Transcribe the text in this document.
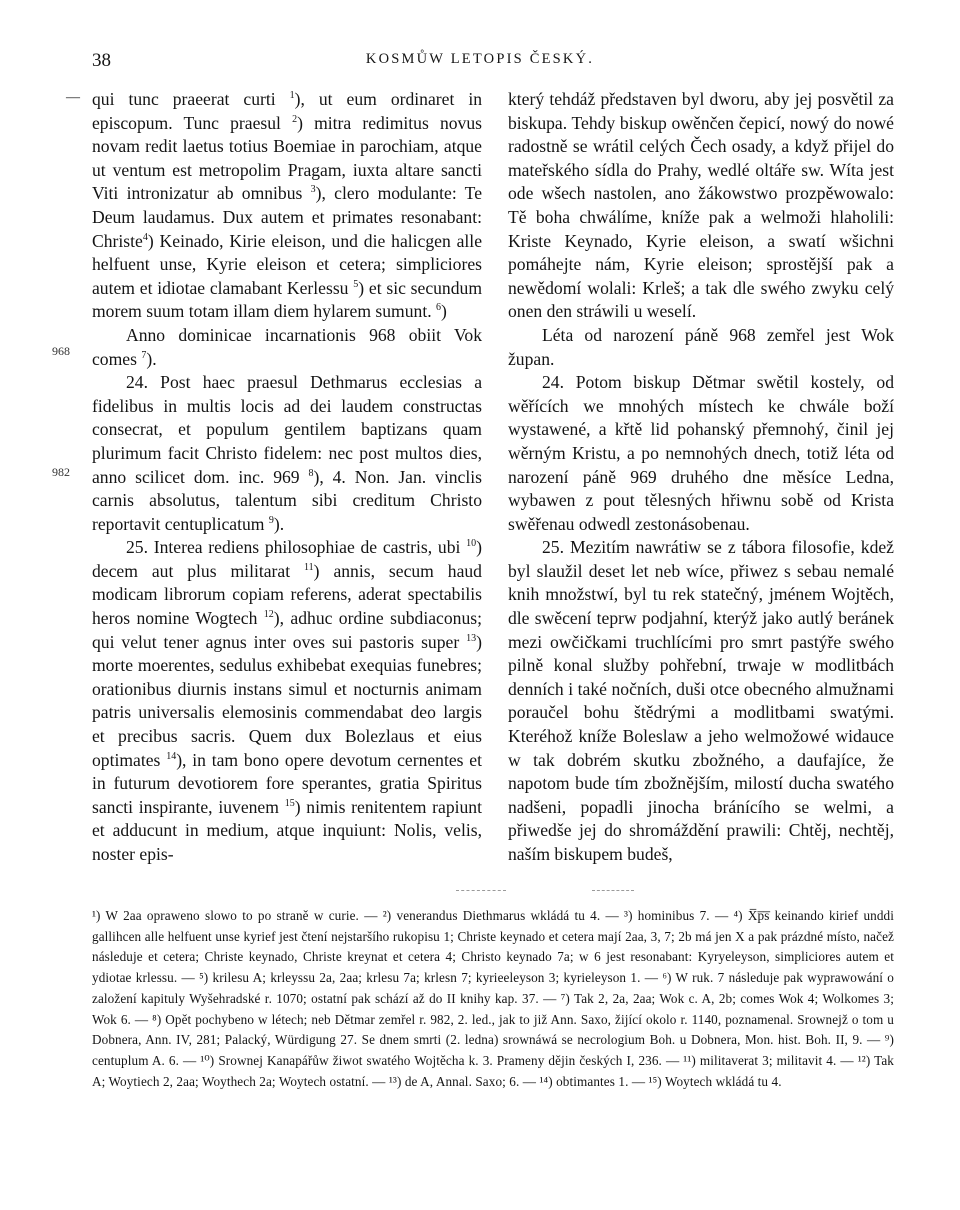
38	KOSMŮW LETOPIS ČESKÝ.
—
968
982

qui tunc praeerat curti $^1$), ut eum ordinaret in episcopum. Tunc praesul $^2$) mitra redimitus novus novam redit laetus totius Boemiae in parochiam, atque ut ventum est metropolim Pragam, iuxta altare sancti Viti intronizatur ab omnibus $^3$), clero modulante: Te Deum laudamus. Dux autem et primates resonabant: Christe$^4$) Keinado, Kirie eleison, und die halicgen alle helfuent unse, Kyrie eleison et cetera; simpliciores autem et idiotae clamabant Kerlessu $^5$) et sic secundum morem suum totam illam diem hylarem sumunt. $^6$)

Anno dominicae incarnationis 968 obiit Vok comes $^7$).

24. Post haec praesul Dethmarus ecclesias a fidelibus in multis locis ad dei laudem constructas consecrat, et populum gentilem baptizans quam plurimum facit Christo fidelem: nec post multos dies, anno scilicet dom. inc. 969 $^8$), 4. Non. Jan. vinclis carnis absolutus, talentum sibi creditum Christo reportavit centuplicatum $^9$).

25. Interea rediens philosophiae de castris, ubi $^{10}$) decem aut plus militarat $^{11}$) annis, secum haud modicam librorum copiam referens, aderat spectabilis heros nomine Wogtech $^{12}$), adhuc ordine subdiaconus; qui velut tener agnus inter oves sui pastoris super $^{13}$) morte moerentes, sedulus exhibebat exequias funebres; orationibus diurnis instans simul et nocturnis animam patris universalis elemosinis commendabat deo largis et precibus sacris. Quem dux Bolezlaus et eius optimates $^{14}$), in tam bono opere devotum cernentes et in futurum devotiorem fore sperantes, gratia Spiritus sancti inspirante, iuvenem $^{15}$) nimis renitentem rapiunt et adducunt in medium, atque inquiunt: Nolis, velis, noster epis-

který tehdáž představen byl dworu, aby jej posvětil za biskupa. Tehdy biskup owěnčen čepicí, nowý do nowé radostně se wrátil celých Čech osady, a když přijel do mateřského sídla do Prahy, wedlé oltáře sw. Wíta jest ode wšech nastolen, ano žákowstwo prozpěwowalo: Tě boha chwálíme, kníže pak a welmoži hlaholili: Kriste Keynado, Kyrie eleison, a swatí wšichni pomáhejte nám, Kyrie eleison; sprostější pak a newědomí wolali: Krleš; a tak dle swého zwyku celý onen den stráwili u weselí.

Léta od narození páně 968 zemřel jest Wok župan.

24. Potom biskup Dětmar swětil kostely, od wěřících we mnohých místech ke chwále boží wystawené, a křtě lid pohanský přemnohý, činil jej wěrným Kristu, a po nemnohých dnech, totiž léta od narození páně 969 druhého dne měsíce Ledna, wybawen z pout tělesných hřiwnu sobě od Krista swěřenau odwedl zestonásobenau.

25. Mezitím nawrátiw se z tábora filosofie, kdež byl slaužil deset let neb wíce, přiwez s sebau nemalé knih množstwí, byl tu rek statečný, jménem Wojtěch, dle swěcení teprw podjahní, kterýž jako autlý beránek mezi owčičkami truchlícími pro smrt pastýře swého pilně konal služby pohřební, trwaje w modlitbách denních i také nočních, duši otce obecného almužnami poraučel bohu štědrými a modlitbami swatými. Kteréhož kníže Boleslaw a jeho welmožowé widauce w tak dobrém skutku zbožného, a daufajíce, že napotom bude tím zbožnějším, milostí ducha swatého nadšeni, popadli jinocha bránícího se welmi, a přiwedše jej do shromáždění prawili: Chtěj, nechtěj, naším biskupem budeš,

¹) W 2aa opraweno slowo to po straně w curie. — ²) venerandus Diethmarus wkládá tu 4. — ³) hominibus 7. — ⁴) X̅p̅s̅ keinando kirief unddi gallihcen alle helfuent unse kyrief jest čtení nejstaršího rukopisu 1; Christe keynado et cetera mají 2aa, 3, 7; 2b má jen X a pak prázdné místo, načež následuje et cetera; Christe keynado, Christe kreynat et cetera 4; Christo keynado 7a; w 6 jest resonabant: Kyryeleyson, simpliciores autem et ydiotae krlessu. — ⁵) krilesu A; krleyssu 2a, 2aa; krlesu 7a; krlesn 7; kyrieeleyson 3; kyrieleyson 1. — ⁶) W ruk. 7 následuje pak wyprawowání o založení kapituly Wyšehradské r. 1070; ostatní pak schází až do II knihy kap. 37. — ⁷) Tak 2, 2a, 2aa; Wok c. A, 2b; comes Wok 4; Wolkomes 3; Wok 6. — ⁸) Opět pochybeno w létech; neb Dětmar zemřel r. 982, 2. led., jak to již Ann. Saxo, žijící okolo r. 1140, poznamenal. Srownejž o tom u Dobnera, Ann. IV, 281; Palacký, Würdigung 27. Se dnem smrti (2. ledna) srownáwá se necrologium Boh. u Dobnera, Mon. hist. Boh. II, 9. — ⁹) centuplum A. 6. — ¹⁰) Srownej Kanapářůw žiwot swatého Wojtěcha k. 3. Prameny dějin českých I, 236. — ¹¹) militaverat 3; militavit 4. — ¹²) Tak A; Woytiech 2, 2aa; Woythech 2a; Woytech ostatní. — ¹³) de A, Annal. Saxo; 6. — ¹⁴) obtimantes 1. — ¹⁵) Woytech wkládá tu 4.
